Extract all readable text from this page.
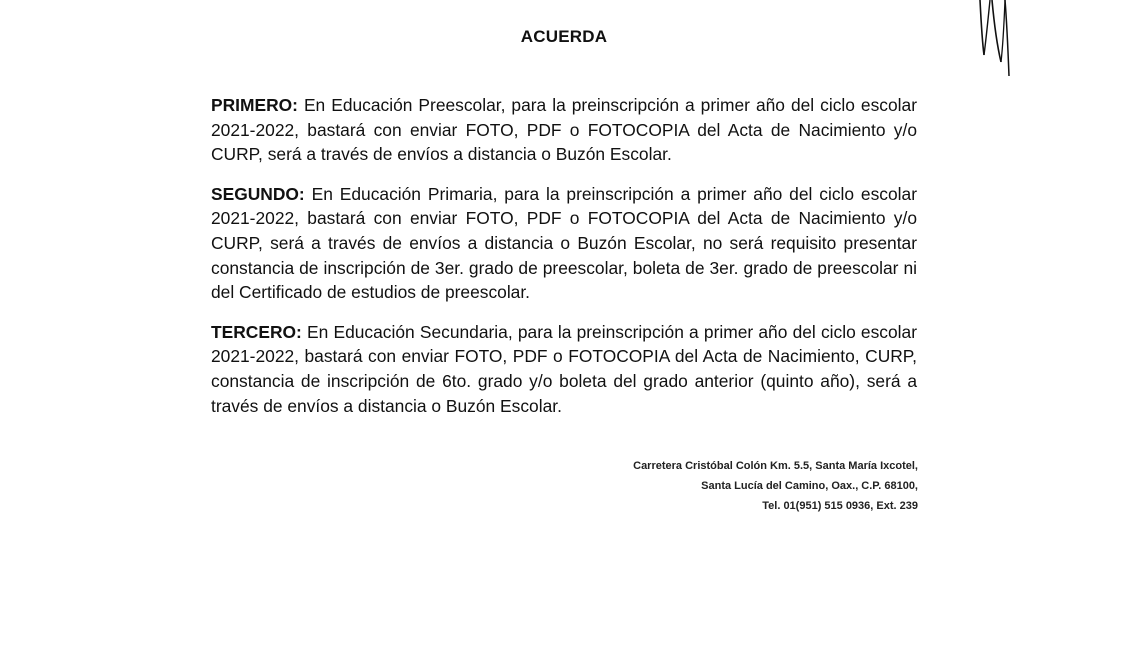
ACUERDA

PRIMERO: En Educación Preescolar, para la preinscripción a primer año del ciclo escolar 2021-2022, bastará con enviar FOTO, PDF o FOTOCOPIA del Acta de Nacimiento y/o CURP, será a través de envíos a distancia o Buzón Escolar.

SEGUNDO: En Educación Primaria, para la preinscripción a primer año del ciclo escolar 2021-2022, bastará con enviar FOTO, PDF o FOTOCOPIA del Acta de Nacimiento y/o CURP, será a través de envíos a distancia o Buzón Escolar, no será requisito presentar constancia de inscripción de 3er. grado de preescolar, boleta de 3er. grado de preescolar ni del Certificado de estudios de preescolar.

TERCERO: En Educación Secundaria, para la preinscripción a primer año del ciclo escolar 2021-2022, bastará con enviar FOTO, PDF o FOTOCOPIA del Acta de Nacimiento, CURP, constancia de inscripción de 6to. grado y/o boleta del grado anterior (quinto año), será a través de envíos a distancia o Buzón Escolar.

Carretera Cristóbal Colón Km. 5.5, Santa María Ixcotel,
Santa Lucía del Camino, Oax., C.P. 68100,
Tel. 01(951) 515 0936, Ext. 239
